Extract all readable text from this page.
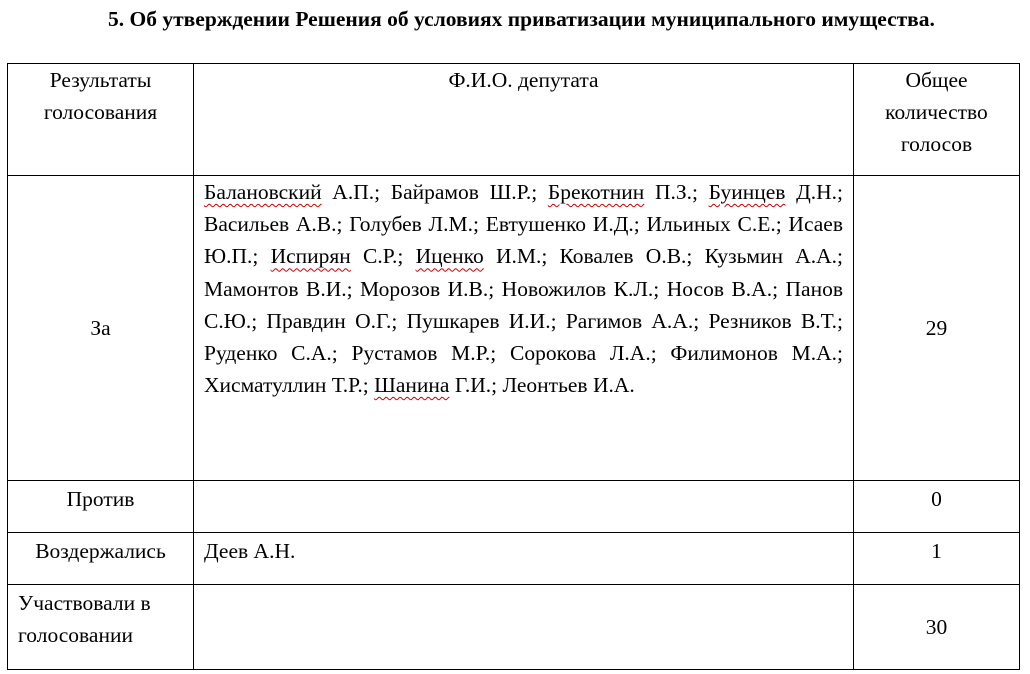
5. Об утверждении Решения об условиях приватизации муниципального имущества.
Результаты голосования	Ф.И.О. депутата	Общее количество голосов
За	Балановский А.П.; Байрамов Ш.Р.; Брекотнин П.З.; Буинцев Д.Н.; Васильев А.В.; Голубев Л.М.; Евтушенко И.Д.; Ильиных С.Е.; Исаев Ю.П.; Испирян С.Р.; Иценко И.М.; Ковалев О.В.; Кузьмин А.А.; Мамонтов В.И.; Морозов И.В.; Новожилов К.Л.; Носов В.А.; Панов С.Ю.; Правдин О.Г.; Пушкарев И.И.; Рагимов А.А.; Резников В.Т.; Руденко С.А.; Рустамов М.Р.; Сорокова Л.А.; Филимонов М.А.; Хисматуллин Т.Р.; Шанина Г.И.; Леонтьев И.А.	29
Против		0
Воздержались	Деев А.Н.	1
Участвовали в голосовании		30
